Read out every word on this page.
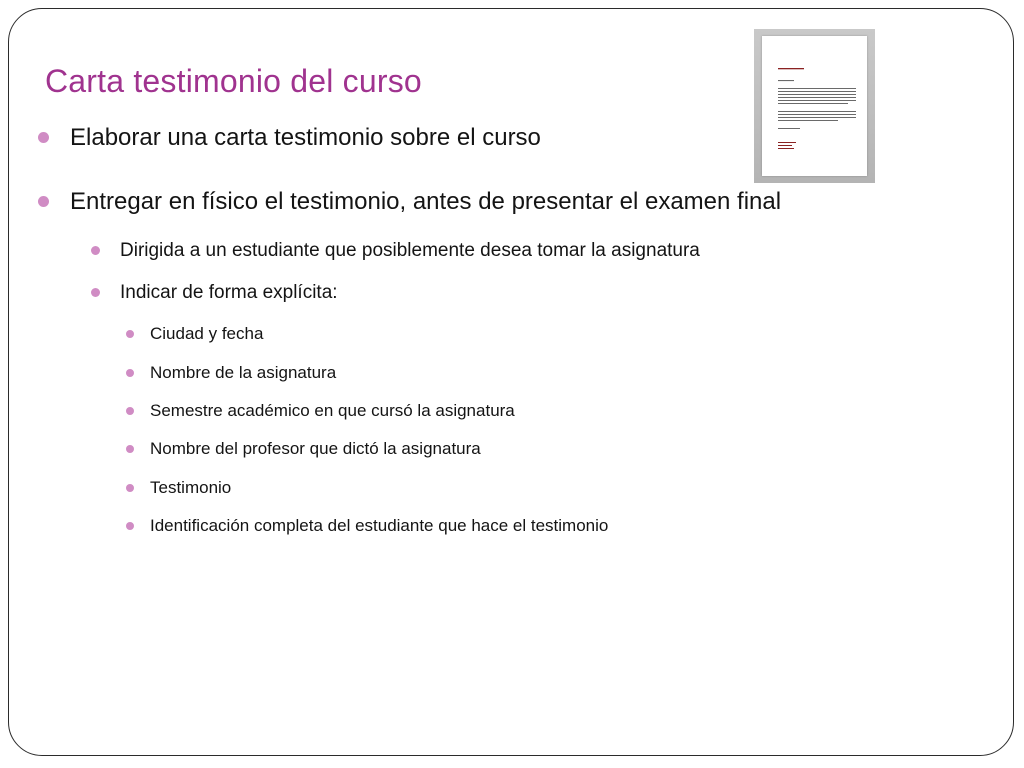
Carta testimonio del curso
Elaborar una carta testimonio sobre el curso
Entregar en físico el testimonio, antes de presentar el examen final
Dirigida a un estudiante que posiblemente desea tomar la asignatura
Indicar de forma explícita:
Ciudad y fecha
Nombre de la asignatura
Semestre académico en que cursó la asignatura
Nombre del profesor que dictó la asignatura
Testimonio
Identificación completa del estudiante que hace el testimonio
